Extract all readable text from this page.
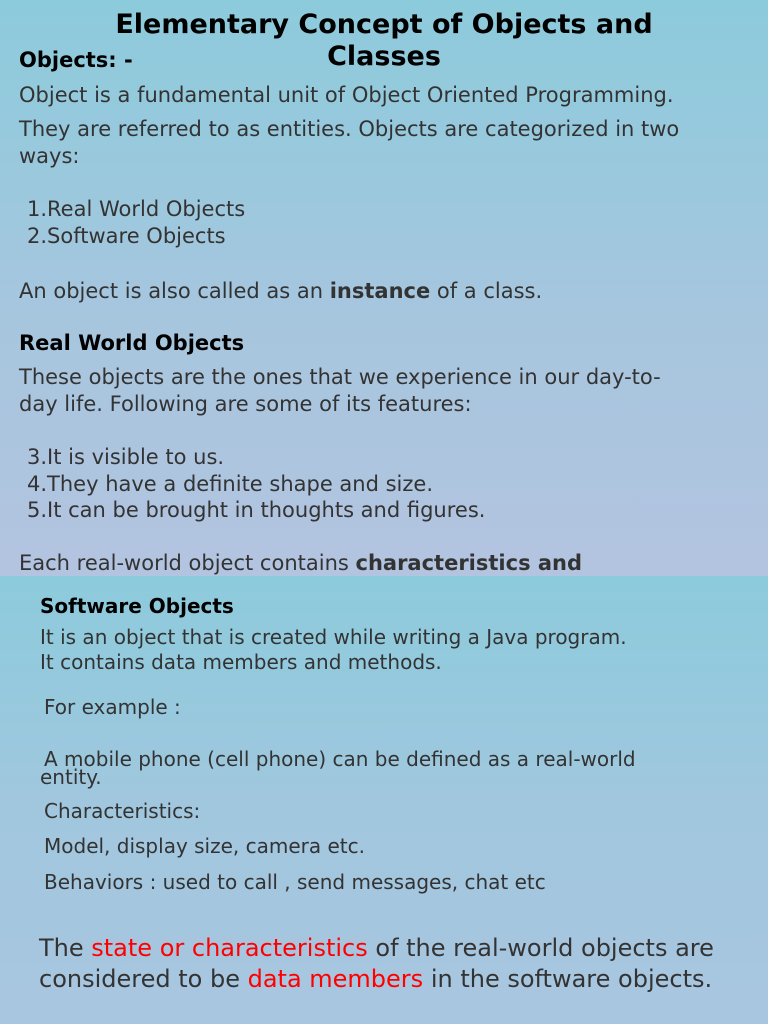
Elementary Concept of Objects and
Classes
Objects: -
Object is a fundamental unit of Object Oriented Programming.
They are referred to as entities. Objects are categorized in two
ways:
1.Real World Objects
2.Software Objects
An object is also called as an instance of a class.
Real World Objects
These objects are the ones that we experience in our day-to-
day life. Following are some of its features:
3.It is visible to us.
4.They have a definite shape and size.
5.It can be brought in thoughts and figures.
Each real-world object contains characteristics and
Software Objects
It is an object that is created while writing a Java program.
It contains data members and methods.
For example :
A mobile phone (cell phone) can be defined as a real-world
entity.
Characteristics:
Model, display size, camera etc.
Behaviors : used to call , send messages, chat etc
The state or characteristics of the real-world objects are
considered to be data members in the software objects.
